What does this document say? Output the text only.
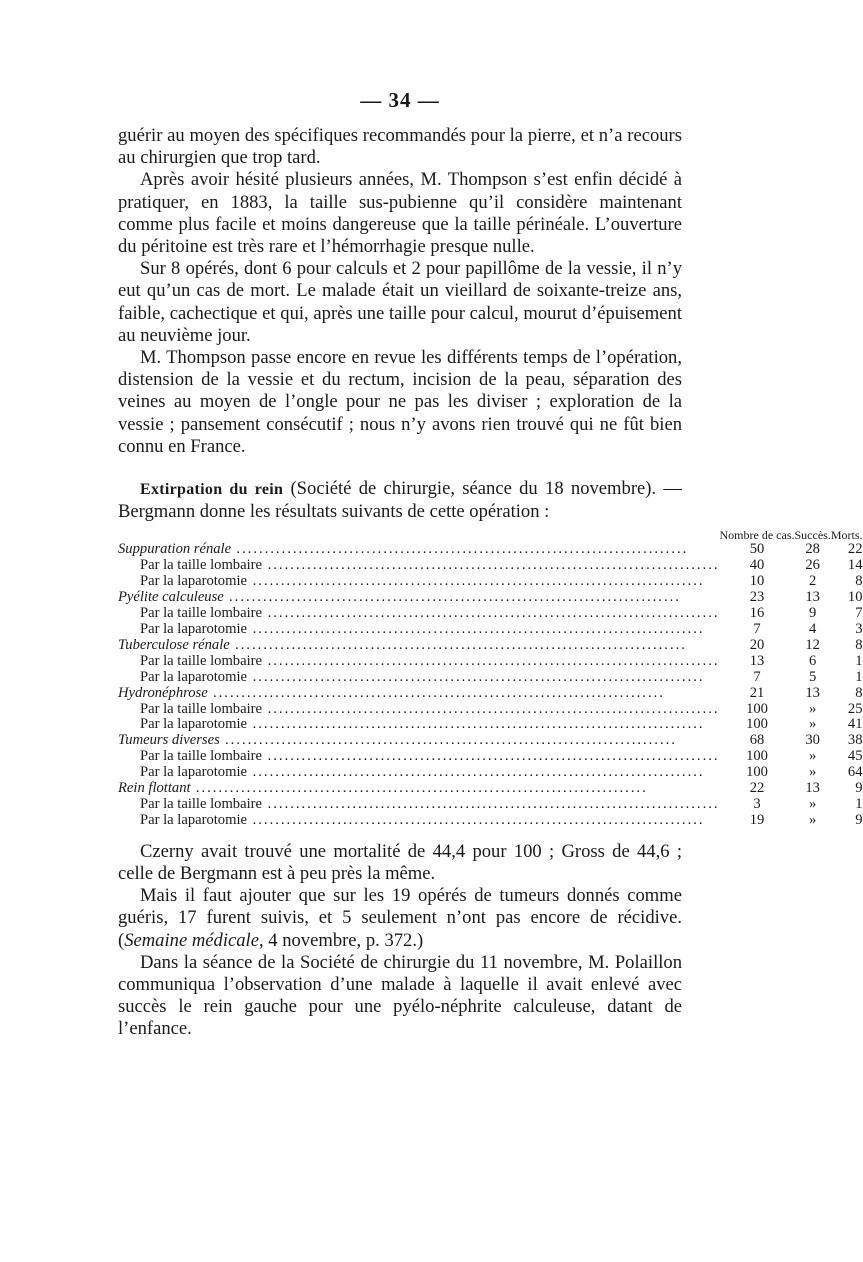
— 34 —

guérir au moyen des spécifiques recommandés pour la pierre, et n’a recours au chirurgien que trop tard.

Après avoir hésité plusieurs années, M. Thompson s’est enfin décidé à pratiquer, en 1883, la taille sus-pubienne qu’il considère maintenant comme plus facile et moins dangereuse que la taille périnéale. L’ouverture du péritoine est très rare et l’hémorrhagie presque nulle.

Sur 8 opérés, dont 6 pour calculs et 2 pour papillôme de la vessie, il n’y eut qu’un cas de mort. Le malade était un vieillard de soixante-treize ans, faible, cachectique et qui, après une taille pour calcul, mourut d’épuisement au neuvième jour.

M. Thompson passe encore en revue les différents temps de l’opération, distension de la vessie et du rectum, incision de la peau, séparation des veines au moyen de l’ongle pour ne pas les diviser ; exploration de la vessie ; pansement consécutif ; nous n’y avons rien trouvé qui ne fût bien connu en France.

Extirpation du rein (Société de chirurgie, séance du 18 novembre). — Bergmann donne les résultats suivants de cette opération :

	Nombre de cas.	Succès.	Morts.
Suppuration rénale ................................................................................	50	28	22
Par la taille lombaire ................................................................................	40	26	14
Par la laparotomie ................................................................................	10	2	8
Pyélite calculeuse ................................................................................	23	13	10
Par la taille lombaire ................................................................................	16	9	7
Par la laparotomie ................................................................................	7	4	3
Tuberculose rénale ................................................................................	20	12	8
Par la taille lombaire ................................................................................	13	6	1
Par la laparotomie ................................................................................	7	5	1
Hydronéphrose ................................................................................	21	13	8
Par la taille lombaire ................................................................................	100	»	25
Par la laparotomie ................................................................................	100	»	41
Tumeurs diverses ................................................................................	68	30	38
Par la taille lombaire ................................................................................	100	»	45
Par la laparotomie ................................................................................	100	»	64
Rein flottant ................................................................................	22	13	9
Par la taille lombaire ................................................................................	3	»	1
Par la laparotomie ................................................................................	19	»	9

Czerny avait trouvé une mortalité de 44,4 pour 100 ; Gross de 44,6 ; celle de Bergmann est à peu près la même.

Mais il faut ajouter que sur les 19 opérés de tumeurs donnés comme guéris, 17 furent suivis, et 5 seulement n’ont pas encore de récidive. (Semaine médicale, 4 novembre, p. 372.)

Dans la séance de la Société de chirurgie du 11 novembre, M. Polaillon communiqua l’observation d’une malade à laquelle il avait enlevé avec succès le rein gauche pour une pyélo-néphrite calculeuse, datant de l’enfance.
